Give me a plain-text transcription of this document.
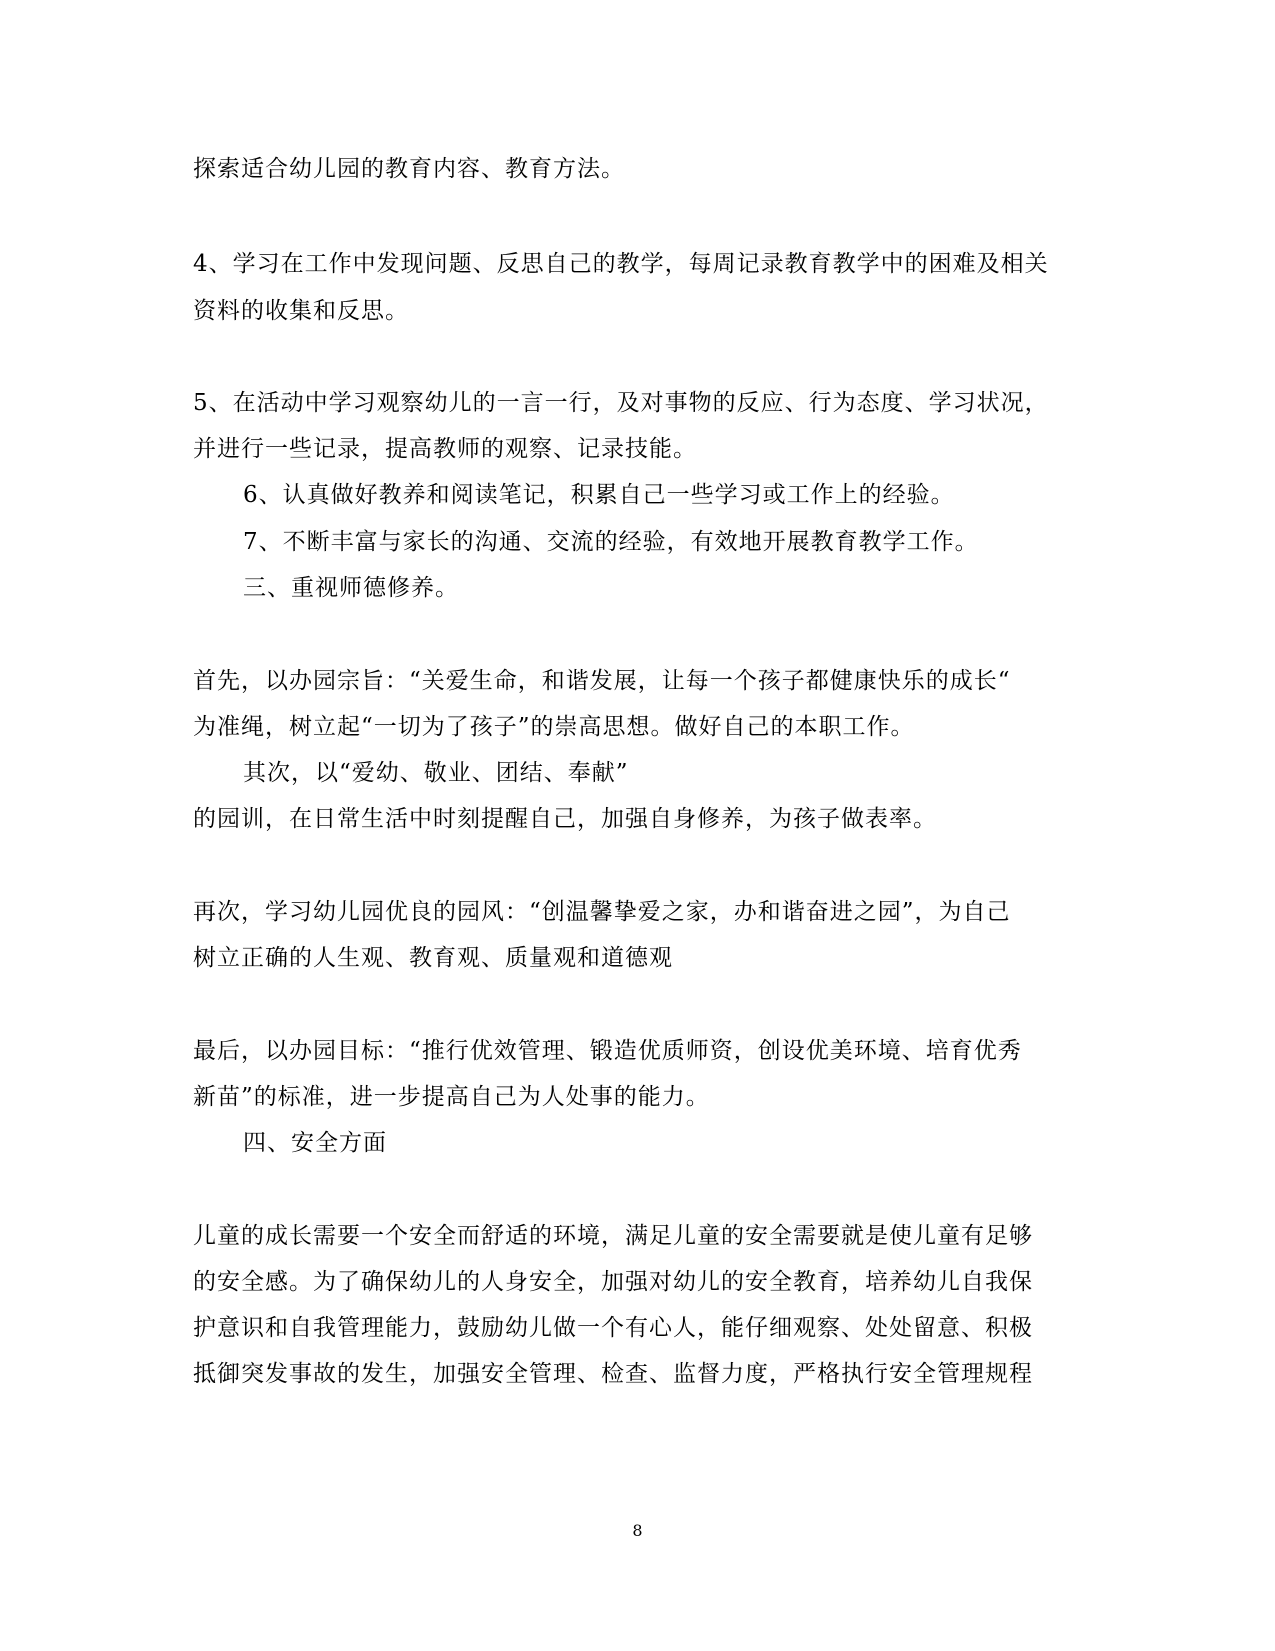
探索适合幼儿园的教育内容、教育方法。
4、学习在工作中发现问题、反思自己的教学，每周记录教育教学中的困难及相关
资料的收集和反思。
5、在活动中学习观察幼儿的一言一行，及对事物的反应、行为态度、学习状况，
并进行一些记录，提高教师的观察、记录技能。
6、认真做好教养和阅读笔记，积累自己一些学习或工作上的经验。
7、不断丰富与家长的沟通、交流的经验，有效地开展教育教学工作。
三、重视师德修养。
首先，以办园宗旨：“关爱生命，和谐发展，让每一个孩子都健康快乐的成长“
为准绳，树立起“一切为了孩子”的崇高思想。做好自己的本职工作。
其次，以“爱幼、敬业、团结、奉献”
的园训，在日常生活中时刻提醒自己，加强自身修养，为孩子做表率。
再次，学习幼儿园优良的园风：“创温馨挚爱之家，办和谐奋进之园”，为自己
树立正确的人生观、教育观、质量观和道德观
最后，以办园目标：“推行优效管理、锻造优质师资，创设优美环境、培育优秀
新苗”的标准，进一步提高自己为人处事的能力。
四、安全方面
儿童的成长需要一个安全而舒适的环境，满足儿童的安全需要就是使儿童有足够
的安全感。为了确保幼儿的人身安全，加强对幼儿的安全教育，培养幼儿自我保
护意识和自我管理能力，鼓励幼儿做一个有心人，能仔细观察、处处留意、积极
抵御突发事故的发生，加强安全管理、检查、监督力度，严格执行安全管理规程
8
